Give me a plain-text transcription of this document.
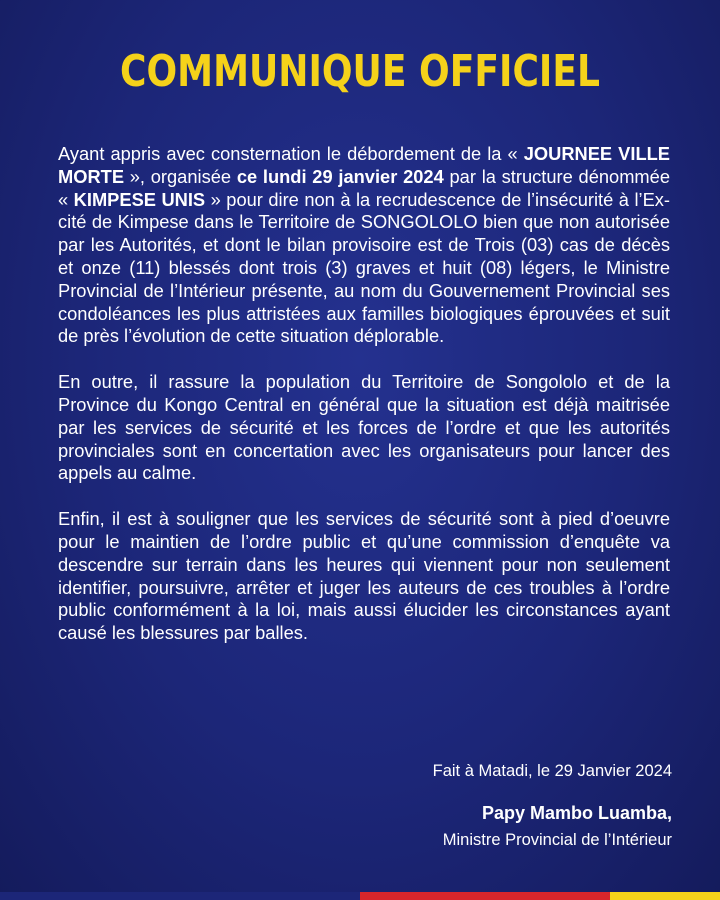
COMMUNIQUE OFFICIEL

Ayant appris avec consternation le débordement de la « JOURNEE VILLE MORTE », organisée ce lundi 29 janvier 2024 par la structure dénommée « KIMPESE UNIS » pour dire non à la recrudescence de l’insécurité à l’Ex-cité de Kimpese dans le Territoire de SONGOLOLO bien que non autorisée par les Autorités, et dont le bilan provisoire est de Trois (03) cas de décès et onze (11) blessés dont trois (3) graves et huit (08) légers, le Ministre Provincial de l’Intérieur présente, au nom du Gouvernement Provincial ses condoléances les plus attristées aux familles biologiques éprouvées et suit de près l’évolution de cette situation déplorable.

En outre, il rassure la population du Territoire de Songololo et de la Province du Kongo Central en général que la situation est déjà maitrisée par les services de sécurité et les forces de l’ordre et que les autorités provinciales sont en concertation avec les organisateurs pour lancer des appels au calme.

Enfin, il est à souligner que les services de sécurité sont à pied d’oeuvre pour le maintien de l’ordre public et qu’une commission d’enquête va descendre sur terrain dans les heures qui viennent pour non seulement identifier, poursuivre, arrêter et juger les auteurs de ces troubles à l’ordre public conformément à la loi, mais aussi élucider les circonstances ayant causé les blessures par balles.

Fait à Matadi, le 29 Janvier 2024
Papy Mambo Luamba,
Ministre Provincial de l’Intérieur
